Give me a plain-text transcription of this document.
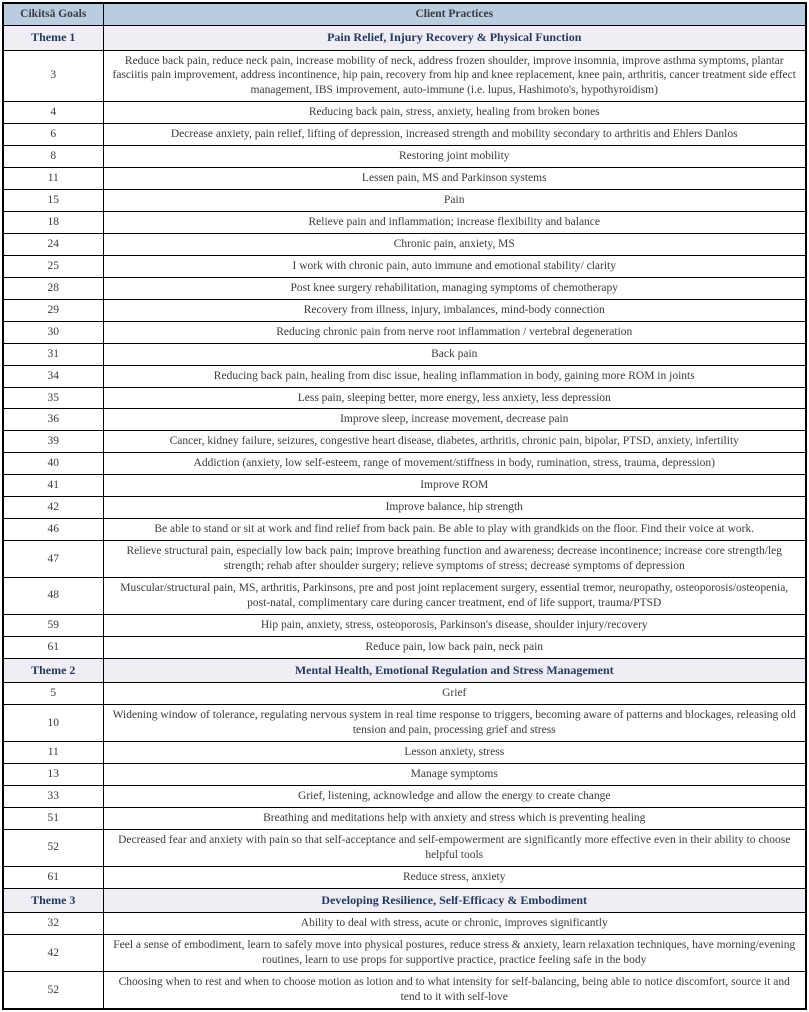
Cikitsā Goals	Client Practices
Theme 1	Pain Relief, Injury Recovery & Physical Function
3	Reduce back pain, reduce neck pain, increase mobility of neck, address frozen shoulder, improve insomnia, improve asthma symptoms, plantar fasciitis pain improvement, address incontinence, hip pain, recovery from hip and knee replacement, knee pain, arthritis, cancer treatment side effect management, IBS improvement, auto-immune (i.e. lupus, Hashimoto's, hypothyroidism)
4	Reducing back pain, stress, anxiety, healing from broken bones
6	Decrease anxiety, pain relief, lifting of depression, increased strength and mobility secondary to arthritis and Ehlers Danlos
8	Restoring joint mobility
11	Lessen pain, MS and Parkinson systems
15	Pain
18	Relieve pain and inflammation; increase flexibility and balance
24	Chronic pain, anxiety, MS
25	I work with chronic pain, auto immune and emotional stability/ clarity
28	Post knee surgery rehabilitation, managing symptoms of chemotherapy
29	Recovery from illness, injury, imbalances, mind-body connection
30	Reducing chronic pain from nerve root inflammation / vertebral degeneration
31	Back pain
34	Reducing back pain, healing from disc issue, healing inflammation in body, gaining more ROM in joints
35	Less pain, sleeping better, more energy, less anxiety, less depression
36	Improve sleep, increase movement, decrease pain
39	Cancer, kidney failure, seizures, congestive heart disease, diabetes, arthritis, chronic pain, bipolar, PTSD, anxiety, infertility
40	Addiction (anxiety, low self-esteem, range of movement/stiffness in body, rumination, stress, trauma, depression)
41	Improve ROM
42	Improve balance, hip strength
46	Be able to stand or sit at work and find relief from back pain. Be able to play with grandkids on the floor. Find their voice at work.
47	Relieve structural pain, especially low back pain; improve breathing function and awareness; decrease incontinence; increase core strength/leg strength; rehab after shoulder surgery; relieve symptoms of stress; decrease symptoms of depression
48	Muscular/structural pain, MS, arthritis, Parkinsons, pre and post joint replacement surgery, essential tremor, neuropathy, osteoporosis/osteopenia, post-natal, complimentary care during cancer treatment, end of life support, trauma/PTSD
59	Hip pain, anxiety, stress, osteoporosis, Parkinson's disease, shoulder injury/recovery
61	Reduce pain, low back pain, neck pain
Theme 2	Mental Health, Emotional Regulation and Stress Management
5	Grief
10	Widening window of tolerance, regulating nervous system in real time response to triggers, becoming aware of patterns and blockages, releasing old tension and pain, processing grief and stress
11	Lesson anxiety, stress
13	Manage symptoms
33	Grief, listening, acknowledge and allow the energy to create change
51	Breathing and meditations help with anxiety and stress which is preventing healing
52	Decreased fear and anxiety with pain so that self-acceptance and self-empowerment are significantly more effective even in their ability to choose helpful tools
61	Reduce stress, anxiety
Theme 3	Developing Resilience, Self-Efficacy & Embodiment
32	Ability to deal with stress, acute or chronic, improves significantly
42	Feel a sense of embodiment, learn to safely move into physical postures, reduce stress & anxiety, learn relaxation techniques, have morning/evening routines, learn to use props for supportive practice, practice feeling safe in the body
52	Choosing when to rest and when to choose motion as lotion and to what intensity for self-balancing, being able to notice discomfort, source it and tend to it with self-love
